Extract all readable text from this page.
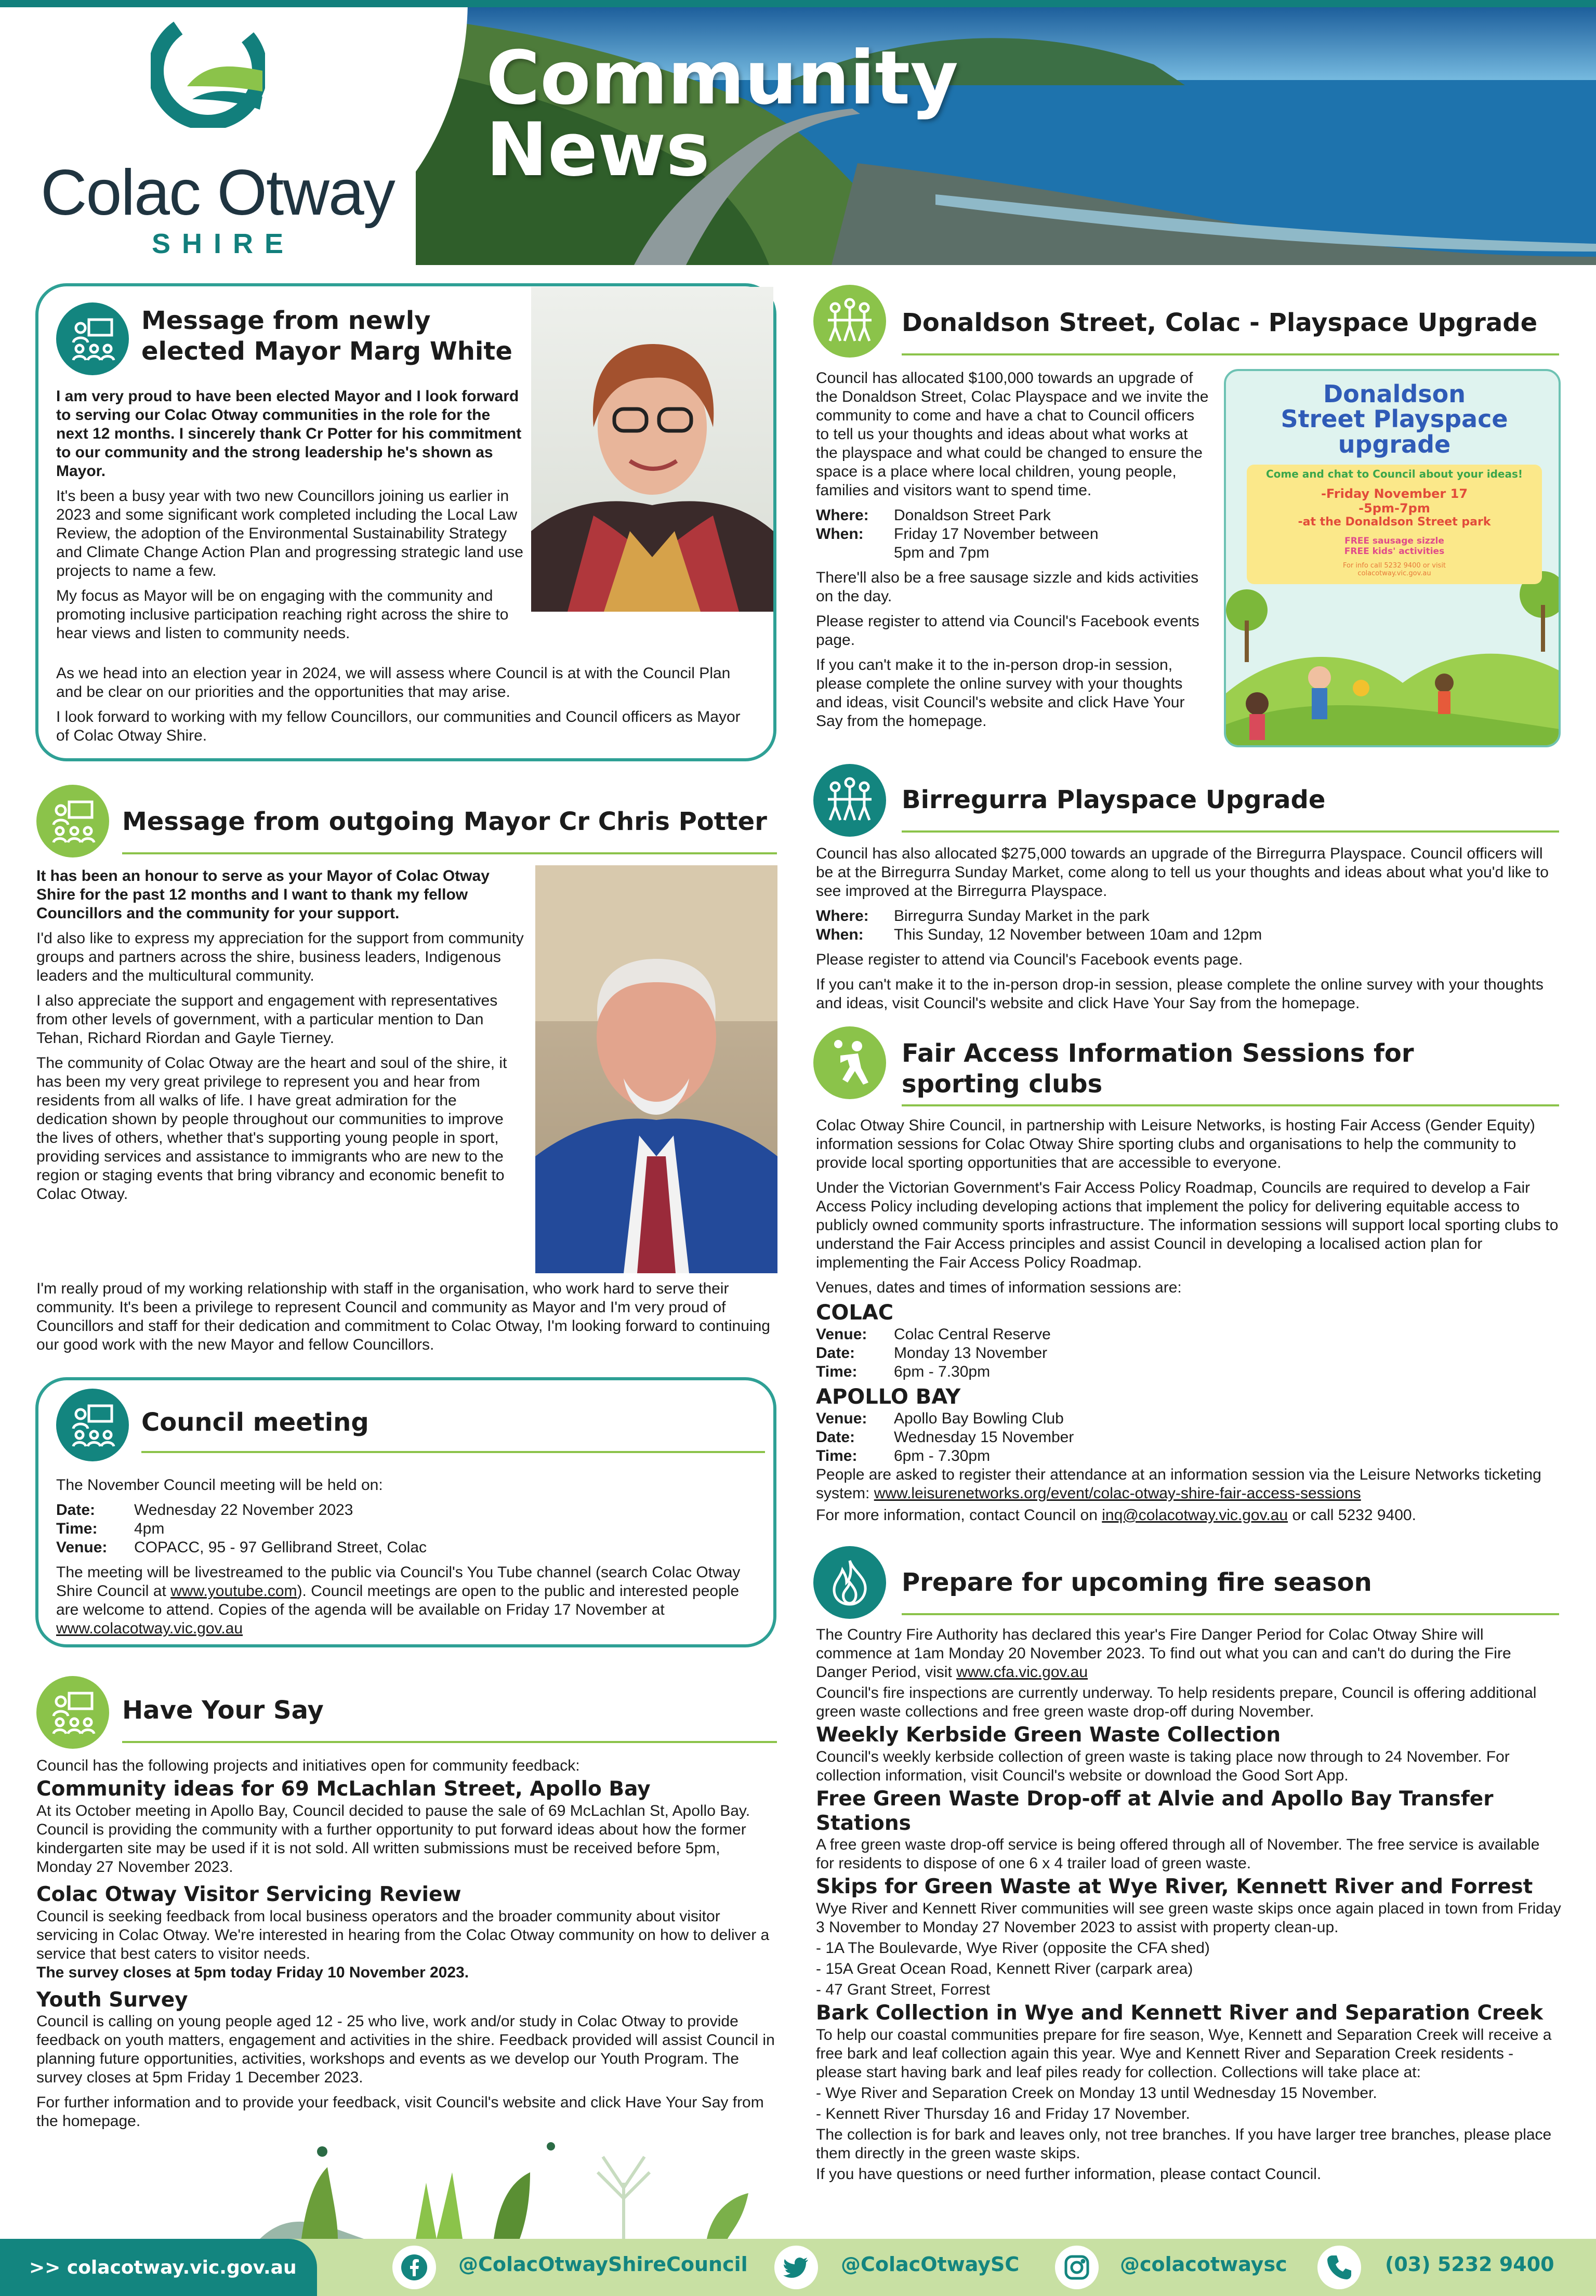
Colac Otway
SHIRE
Community
News
Message from newly elected Mayor Marg White

I am very proud to have been elected Mayor and I look forward to serving our Colac Otway communities in the role for the next 12 months. I sincerely thank Cr Potter for his commitment to our community and the strong leadership he's shown as Mayor.

It's been a busy year with two new Councillors joining us earlier in 2023 and some significant work completed including the Local Law Review, the adoption of the Environmental Sustainability Strategy and Climate Change Action Plan and progressing strategic land use projects to name a few.

My focus as Mayor will be on engaging with the community and promoting inclusive participation reaching right across the shire to hear views and listen to community needs.

As we head into an election year in 2024, we will assess where Council is at with the Council Plan and be clear on our priorities and the opportunities that may arise.

I look forward to working with my fellow Councillors, our communities and Council officers as Mayor of Colac Otway Shire.

Message from outgoing Mayor Cr Chris Potter

It has been an honour to serve as your Mayor of Colac Otway Shire for the past 12 months and I want to thank my fellow Councillors and the community for your support.

I'd also like to express my appreciation for the support from community groups and partners across the shire, business leaders, Indigenous leaders and the multicultural community.

I also appreciate the support and engagement with representatives from other levels of government, with a particular mention to Dan Tehan, Richard Riordan and Gayle Tierney.

The community of Colac Otway are the heart and soul of the shire, it has been my very great privilege to represent you and hear from residents from all walks of life. I have great admiration for the dedication shown by people throughout our communities to improve the lives of others, whether that's supporting young people in sport, providing services and assistance to immigrants who are new to the region or staging events that bring vibrancy and economic benefit to Colac Otway.

I'm really proud of my working relationship with staff in the organisation, who work hard to serve their community. It's been a privilege to represent Council and community as Mayor and I'm very proud of Councillors and staff for their dedication and commitment to Colac Otway, I'm looking forward to continuing our good work with the new Mayor and fellow Councillors.

Council meeting

The November Council meeting will be held on:

Date:	Wednesday 22 November 2023
Time:	4pm
Venue:	COPACC, 95 - 97 Gellibrand Street, Colac

The meeting will be livestreamed to the public via Council's You Tube channel (search Colac Otway Shire Council at www.youtube.com). Council meetings are open to the public and interested people are welcome to attend. Copies of the agenda will be available on Friday 17 November at www.colacotway.vic.gov.au

Have Your Say

Council has the following projects and initiatives open for community feedback:

Community ideas for 69 McLachlan Street, Apollo Bay

At its October meeting in Apollo Bay, Council decided to pause the sale of 69 McLachlan St, Apollo Bay. Council is providing the community with a further opportunity to put forward ideas about how the former kindergarten site may be used if it is not sold. All written submissions must be received before 5pm, Monday 27 November 2023.

Colac Otway Visitor Servicing Review

Council is seeking feedback from local business operators and the broader community about visitor servicing in Colac Otway. We're interested in hearing from the Colac Otway community on how to deliver a service that best caters to visitor needs.
The survey closes at 5pm today Friday 10 November 2023.

Youth Survey

Council is calling on young people aged 12 - 25 who live, work and/or study in Colac Otway to provide feedback on youth matters, engagement and activities in the shire. Feedback provided will assist Council in planning future opportunities, activities, workshops and events as we develop our Youth Program. The survey closes at 5pm Friday 1 December 2023.

For further information and to provide your feedback, visit Council's website and click Have Your Say from the homepage.

Donaldson Street, Colac - Playspace Upgrade

Council has allocated $100,000 towards an upgrade of the Donaldson Street, Colac Playspace and we invite the community to come and have a chat to Council officers to tell us your thoughts and ideas about what works at the playspace and what could be changed to ensure the space is a place where local children, young people, families and visitors want to spend time.

Where:	Donaldson Street Park
When:	Friday 17 November between 5pm and 7pm

There'll also be a free sausage sizzle and kids activities on the day.

Please register to attend via Council's Facebook events page.

If you can't make it to the in-person drop-in session, please complete the online survey with your thoughts and ideas, visit Council's website and click Have Your Say from the homepage.

Donaldson
Street Playspace
upgrade
Come and chat to Council about your ideas!
-Friday November 17
-5pm-7pm
-at the Donaldson Street park
FREE sausage sizzle
FREE kids' activities
For info call 5232 9400 or visit
colacotway.vic.gov.au
Birregurra Playspace Upgrade

Council has also allocated $275,000 towards an upgrade of the Birregurra Playspace. Council officers will be at the Birregurra Sunday Market, come along to tell us your thoughts and ideas about what you'd like to see improved at the Birregurra Playspace.

Where:	Birregurra Sunday Market in the park
When:	This Sunday, 12 November between 10am and 12pm

Please register to attend via Council's Facebook events page.

If you can't make it to the in-person drop-in session, please complete the online survey with your thoughts and ideas, visit Council's website and click Have Your Say from the homepage.

Fair Access Information Sessions for
sporting clubs

Colac Otway Shire Council, in partnership with Leisure Networks, is hosting Fair Access (Gender Equity) information sessions for Colac Otway Shire sporting clubs and organisations to help the community to provide local sporting opportunities that are accessible to everyone.

Under the Victorian Government's Fair Access Policy Roadmap, Councils are required to develop a Fair Access Policy including developing actions that implement the policy for delivering equitable access to publicly owned community sports infrastructure. The information sessions will support local sporting clubs to understand the Fair Access principles and assist Council in developing a localised action plan for implementing the Fair Access Policy Roadmap.

Venues, dates and times of information sessions are:

COLAC
Venue:	Colac Central Reserve
Date:	Monday 13 November
Time:	6pm - 7.30pm
APOLLO BAY
Venue:	Apollo Bay Bowling Club
Date:	Wednesday 15 November
Time:	6pm - 7.30pm

People are asked to register their attendance at an information session via the Leisure Networks ticketing system: www.leisurenetworks.org/event/colac-otway-shire-fair-access-sessions

For more information, contact Council on inq@colacotway.vic.gov.au or call 5232 9400.

Prepare for upcoming fire season

The Country Fire Authority has declared this year's Fire Danger Period for Colac Otway Shire will commence at 1am Monday 20 November 2023. To find out what you can and can't do during the Fire Danger Period, visit www.cfa.vic.gov.au

Council's fire inspections are currently underway. To help residents prepare, Council is offering additional green waste collections and free green waste drop-off during November.

Weekly Kerbside Green Waste Collection

Council's weekly kerbside collection of green waste is taking place now through to 24 November. For collection information, visit Council's website or download the Good Sort App.

Free Green Waste Drop-off at Alvie and Apollo Bay Transfer Stations

A free green waste drop-off service is being offered through all of November. The free service is available for residents to dispose of one 6 x 4 trailer load of green waste.

Skips for Green Waste at Wye River, Kennett River and Forrest

Wye River and Kennett River communities will see green waste skips once again placed in town from Friday 3 November to Monday 27 November 2023 to assist with property clean-up.

- 1A The Boulevarde, Wye River (opposite the CFA shed)

- 15A Great Ocean Road, Kennett River (carpark area)

- 47 Grant Street, Forrest

Bark Collection in Wye and Kennett River and Separation Creek

To help our coastal communities prepare for fire season, Wye, Kennett and Separation Creek will receive a free bark and leaf collection again this year. Wye and Kennett River and Separation Creek residents - please start having bark and leaf piles ready for collection. Collections will take place at:

- Wye River and Separation Creek on Monday 13 until Wednesday 15 November.

- Kennett River Thursday 16 and Friday 17 November.

The collection is for bark and leaves only, not tree branches. If you have larger tree branches, please place them directly in the green waste skips.

If you have questions or need further information, please contact Council.

>> colacotway.vic.gov.au	@ColacOtwayShireCouncil	@ColacOtwaySC	@colacotwaysc	(03) 5232 9400
